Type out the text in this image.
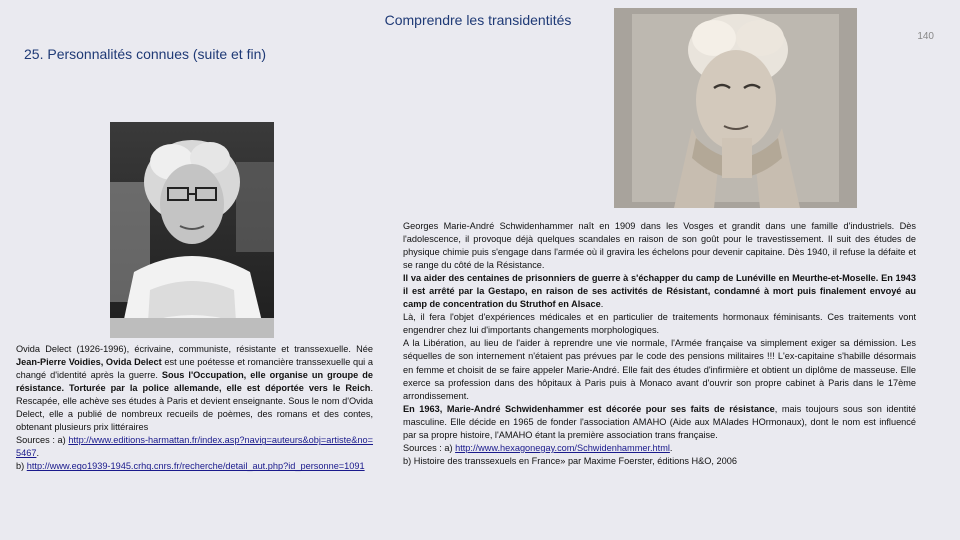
Comprendre les transidentités
140
25. Personnalités connues (suite et fin)

Ovida Delect (1926-1996), écrivaine, communiste, résistante et transsexuelle. Née Jean-Pierre Voidies, Ovida Delect est une poétesse et romancière transsexuelle qui a changé d'identité après la guerre. Sous l'Occupation, elle organise un groupe de résistance. Torturée par la police allemande, elle est déportée vers le Reich. Rescapée, elle achève ses études à Paris et devient enseignante. Sous le nom d'Ovida Delect, elle a publié de nombreux recueils de poèmes, des romans et des contes, obtenant plusieurs prix littéraires

Sources : a) http://www.editions-harmattan.fr/index.asp?navig=auteurs&obj=artiste&no=5467.

b) http://www.ego1939-1945.crhq.cnrs.fr/recherche/detail_aut.php?id_personne=1091

Georges Marie-André Schwidenhammer naît en 1909 dans les Vosges et grandit dans une famille d'industriels. Dès l'adolescence, il provoque déjà quelques scandales en raison de son goût pour le travestissement. Il suit des études de physique chimie puis s'engage dans l'armée où il gravira les échelons pour devenir capitaine. Dès 1940, il refuse la défaite et se range du côté de la Résistance.

Il va aider des centaines de prisonniers de guerre à s'échapper du camp de Lunéville en Meurthe-et-Moselle. En 1943 il est arrêté par la Gestapo, en raison de ses activités de Résistant, condamné à mort puis finalement envoyé au camp de concentration du Struthof en Alsace.

Là, il fera l'objet d'expériences médicales et en particulier de traitements hormonaux féminisants. Ces traitements vont engendrer chez lui d'importants changements morphologiques.

A la Libération, au lieu de l'aider à reprendre une vie normale, l'Armée française va simplement exiger sa démission. Les séquelles de son internement n'étaient pas prévues par le code des pensions militaires !!! L'ex-capitaine s'habille désormais en femme et choisit de se faire appeler Marie-André. Elle fait des études d'infirmière et obtient un diplôme de masseuse. Elle exerce sa profession dans des hôpitaux à Paris puis à Monaco avant d'ouvrir son propre cabinet à Paris dans le 17ème arrondissement.

En 1963, Marie-André Schwidenhammer est décorée pour ses faits de résistance, mais toujours sous son identité masculine. Elle décide en 1965 de fonder l'association AMAHO (Aide aux MAlades HOrmonaux), dont le nom est influencé par sa propre histoire, l'AMAHO étant la première association trans française.

Sources : a) http://www.hexagonegay.com/Schwidenhammer.html.

b) Histoire des transsexuels en France» par Maxime Foerster, éditions H&O, 2006
